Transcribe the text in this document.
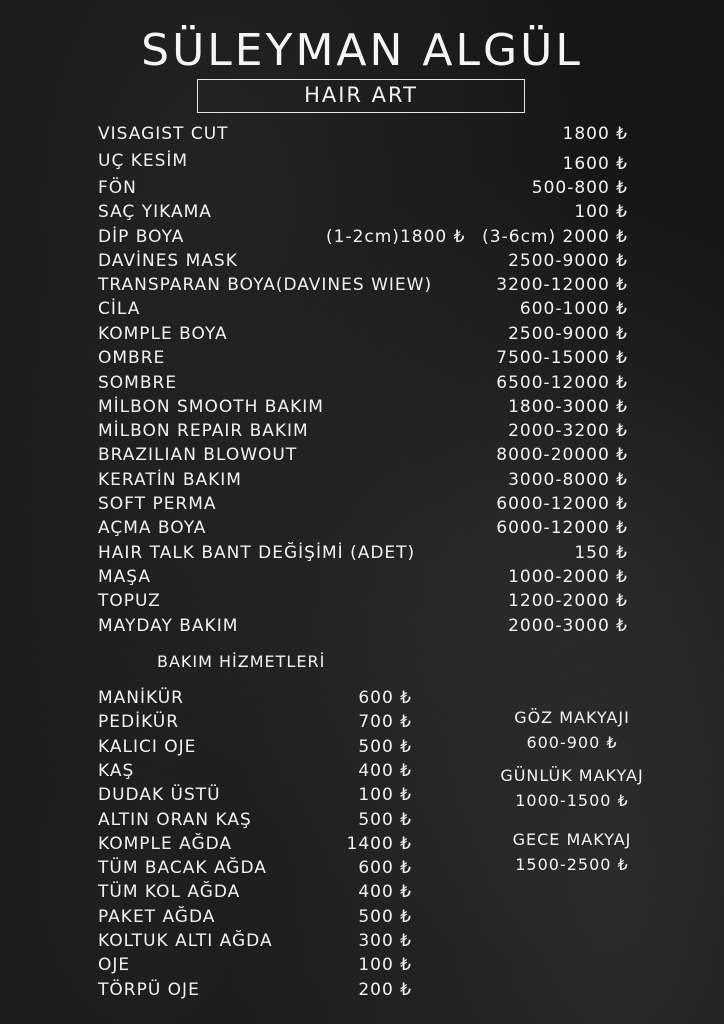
SÜLEYMAN ALGÜL
HAIR ART
VISAGIST CUT	1800 ₺
UÇ KESİM	1600 ₺
FÖN	500-800 ₺
SAÇ YIKAMA	100 ₺
DİP BOYA	(1-2cm)1800 ₺ (3-6cm) 2000 ₺
DAVİNES MASK	2500-9000 ₺
TRANSPARAN BOYA(DAVINES WIEW)	3200-12000 ₺
CİLA	600-1000 ₺
KOMPLE BOYA	2500-9000 ₺
OMBRE	7500-15000 ₺
SOMBRE	6500-12000 ₺
MİLBON SMOOTH BAKIM	1800-3000 ₺
MİLBON REPAIR BAKIM	2000-3200 ₺
BRAZILIAN BLOWOUT	8000-20000 ₺
KERATİN BAKIM	3000-8000 ₺
SOFT PERMA	6000-12000 ₺
AÇMA BOYA	6000-12000 ₺
HAIR TALK BANT DEĞİŞİMİ (ADET)	150 ₺
MAŞA	1000-2000 ₺
TOPUZ	1200-2000 ₺
MAYDAY BAKIM	2000-3000 ₺
BAKIM HİZMETLERİ
MANİKÜR	600 ₺
PEDİKÜR	700 ₺
KALICI OJE	500 ₺
KAŞ	400 ₺
DUDAK ÜSTÜ	100 ₺
ALTIN ORAN KAŞ	500 ₺
KOMPLE AĞDA	1400 ₺
TÜM BACAK AĞDA	600 ₺
TÜM KOL AĞDA	400 ₺
PAKET AĞDA	500 ₺
KOLTUK ALTI AĞDA	300 ₺
OJE	100 ₺
TÖRPÜ OJE	200 ₺
GÖZ MAKYAJI
600-900 ₺
GÜNLÜK MAKYAJ
1000-1500 ₺
GECE MAKYAJ
1500-2500 ₺
